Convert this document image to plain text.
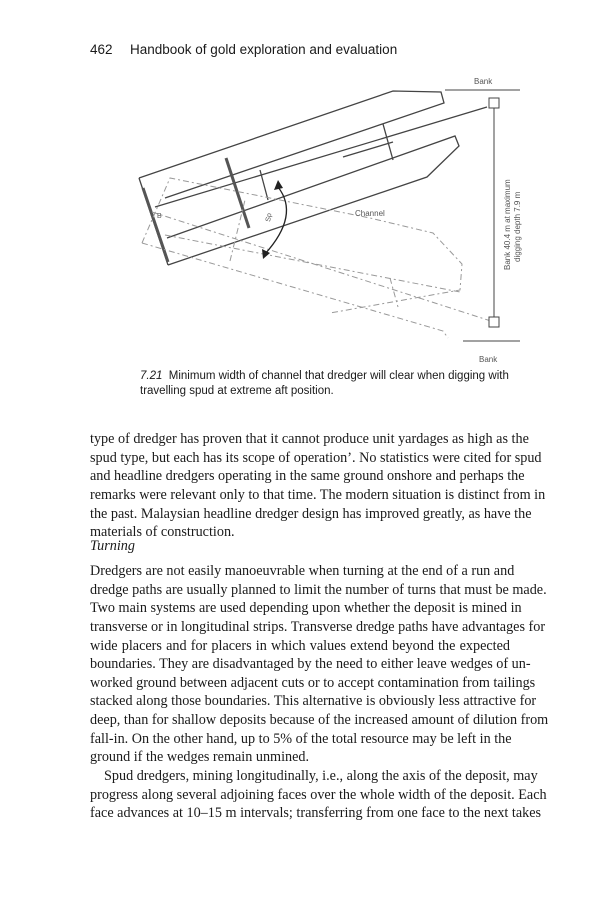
462 Handbook of gold exploration and evaluation
Bank
Bank
Channel
B	Sp	Bank 40.4 m at maximum digging depth 7.9 m
7.21 Minimum width of channel that dredger will clear when digging with
travelling spud at extreme aft position.
type of dredger has proven that it cannot produce unit yardages as high as the
spud type, but each has its scope of operation’. No statistics were cited for spud
and headline dredgers operating in the same ground onshore and perhaps the
remarks were relevant only to that time. The modern situation is distinct from in
the past. Malaysian headline dredger design has improved greatly, as have the
materials of construction.
Turning
Dredgers are not easily manoeuvrable when turning at the end of a run and
dredge paths are usually planned to limit the number of turns that must be made.
Two main systems are used depending upon whether the deposit is mined in
transverse or in longitudinal strips. Transverse dredge paths have advantages for
wide placers and for placers in which values extend beyond the expected
boundaries. They are disadvantaged by the need to either leave wedges of un-
worked ground between adjacent cuts or to accept contamination from tailings
stacked along those boundaries. This alternative is obviously less attractive for
deep, than for shallow deposits because of the increased amount of dilution from
fall-in. On the other hand, up to 5% of the total resource may be left in the
ground if the wedges remain unmined.
Spud dredgers, mining longitudinally, i.e., along the axis of the deposit, may
progress along several adjoining faces over the whole width of the deposit. Each
face advances at 10–15 m intervals; transferring from one face to the next takes
